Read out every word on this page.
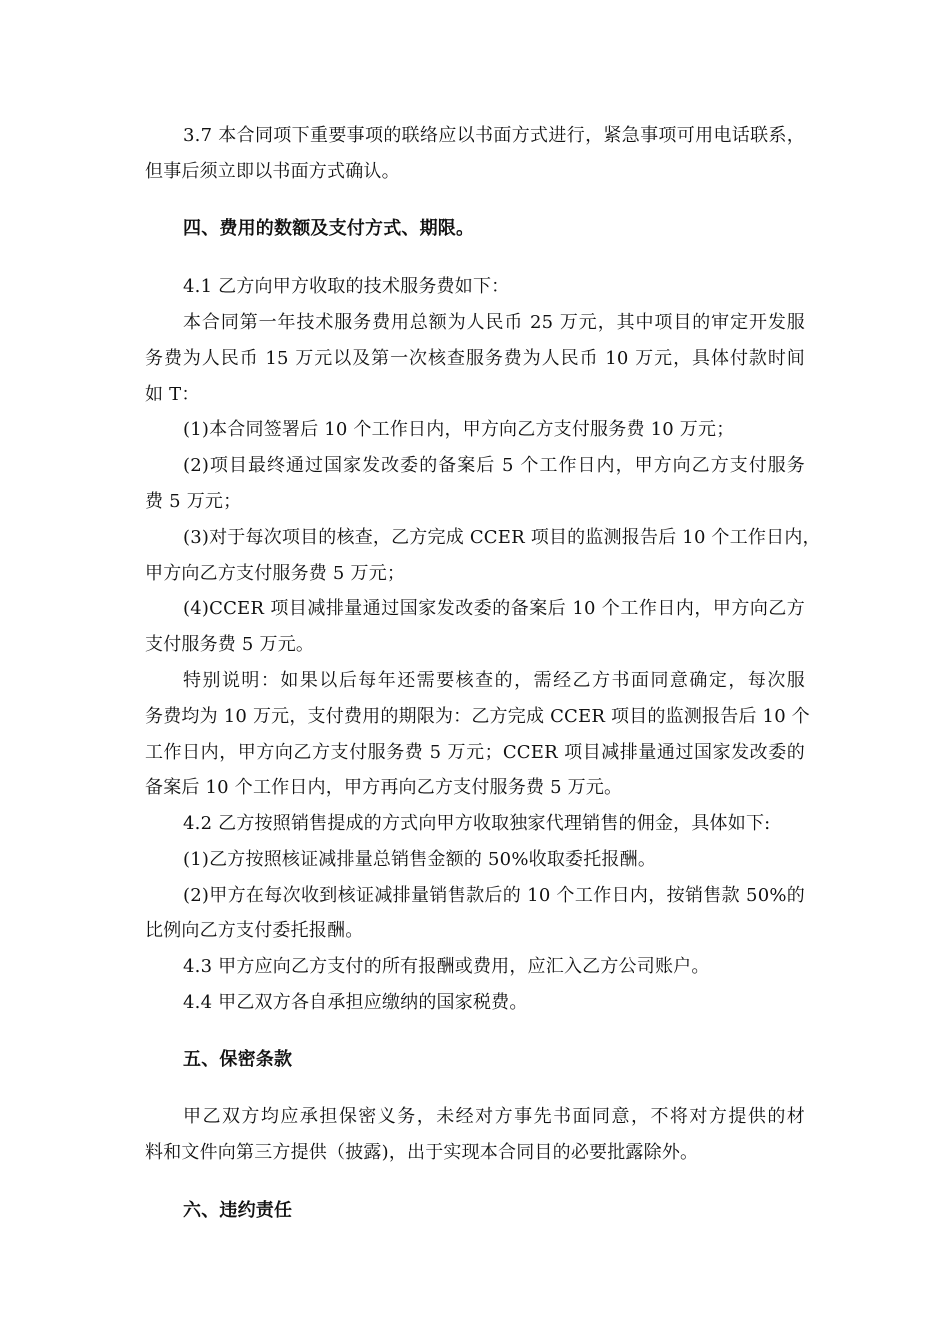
3.7 本合同项下重要事项的联络应以书面方式进行，紧急事项可用电话联系，
但事后须立即以书面方式确认。
四、费用的数额及支付方式、期限。
4.1 乙方向甲方收取的技术服务费如下：
本合同第一年技术服务费用总额为人民币 25 万元，其中项目的审定开发服
务费为人民币 15 万元以及第一次核查服务费为人民币 10 万元，具体付款时间
如 T：
(1)本合同签署后 10 个工作日内，甲方向乙方支付服务费 10 万元；
(2)项目最终通过国家发改委的备案后 5 个工作日内，甲方向乙方支付服务
费 5 万元；
(3)对于每次项目的核查，乙方完成 CCER 项目的监测报告后 10 个工作日内，
甲方向乙方支付服务费 5 万元；
(4)CCER 项目减排量通过国家发改委的备案后 10 个工作日内，甲方向乙方
支付服务费 5 万元。
特别说明：如果以后每年还需要核查的，需经乙方书面同意确定，每次服
务费均为 10 万元，支付费用的期限为：乙方完成 CCER 项目的监测报告后 10 个
工作日内，甲方向乙方支付服务费 5 万元；CCER 项目减排量通过国家发改委的
备案后 10 个工作日内，甲方再向乙方支付服务费 5 万元。
4.2 乙方按照销售提成的方式向甲方收取独家代理销售的佣金，具体如下:
(1)乙方按照核证减排量总销售金额的 50%收取委托报酬。
(2)甲方在每次收到核证减排量销售款后的 10 个工作日内，按销售款 50%的
比例向乙方支付委托报酬。
4.3 甲方应向乙方支付的所有报酬或费用，应汇入乙方公司账户。
4.4 甲乙双方各自承担应缴纳的国家税费。
五、保密条款
甲乙双方均应承担保密义务，未经对方事先书面同意，不将对方提供的材
料和文件向第三方提供（披露)，出于实现本合同目的必要批露除外。
六、违约责任
